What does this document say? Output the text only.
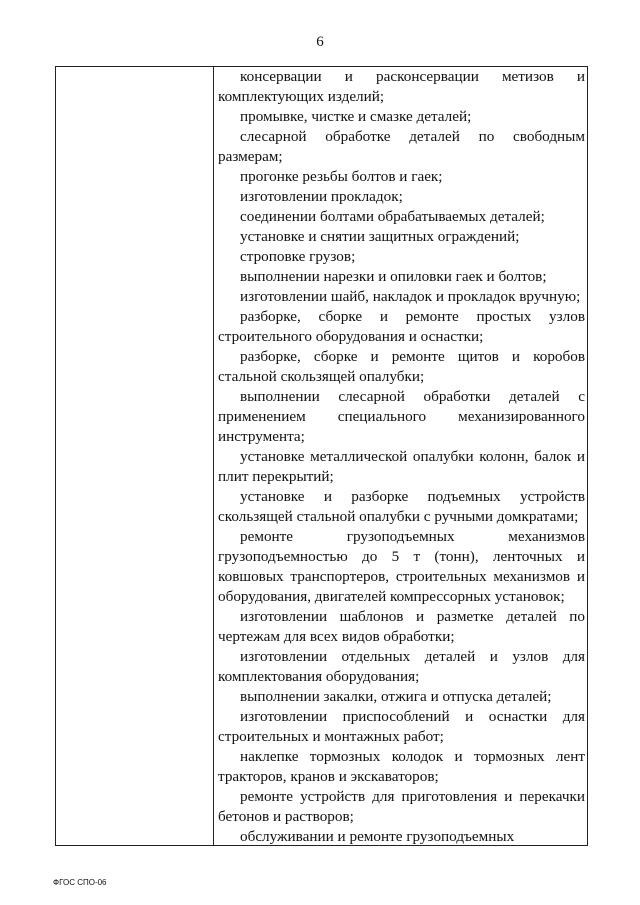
6

консервации и расконсервации метизов и комплектующих изделий;

промывке, чистке и смазке деталей;

слесарной обработке деталей по свободным размерам;

прогонке резьбы болтов и гаек;

изготовлении прокладок;

соединении болтами обрабатываемых деталей;

установке и снятии защитных ограждений;

строповке грузов;

выполнении нарезки и опиловки гаек и болтов;

изготовлении шайб, накладок и прокладок вручную;

разборке, сборке и ремонте простых узлов строительного оборудования и оснастки;

разборке, сборке и ремонте щитов и коробов стальной скользящей опалубки;

выполнении слесарной обработки деталей с применением специального механизированного инструмента;

установке металлической опалубки колонн, балок и плит перекрытий;

установке и разборке подъемных устройств скользящей стальной опалубки с ручными домкратами;

ремонте грузоподъемных механизмов грузоподъемностью до 5 т (тонн), ленточных и ковшовых транспортеров, строительных механизмов и оборудования, двигателей компрессорных установок;

изготовлении шаблонов и разметке деталей по чертежам для всех видов обработки;

изготовлении отдельных деталей и узлов для комплектования оборудования;

выполнении закалки, отжига и отпуска деталей;

изготовлении приспособлений и оснастки для строительных и монтажных работ;

наклепке тормозных колодок и тормозных лент тракторов, кранов и экскаваторов;

ремонте устройств для приготовления и перекачки бетонов и растворов;

обслуживании и ремонте грузоподъемных

ФГОС СПО-06
